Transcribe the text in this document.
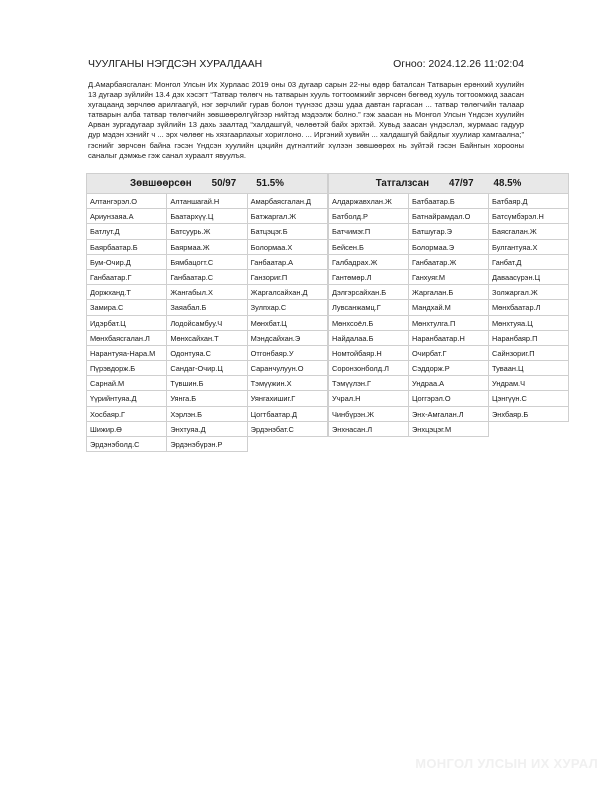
ЧУУЛГАНЫ НЭГДСЭН ХУРАЛДААН	Огноо: 2024.12.26 11:02:04
Д.Амарбаясгалан: Монгол Улсын Их Хурлаас 2019 оны 03 дугаар сарын 22-ны өдөр баталсан Татварын ерөнхий хуулийн 13 дугаар зүйлийн 13.4 дэх хэсэгт “Татвар төлөгч нь татварын хууль тогтоомжийг зөрчсөн бөгөөд хууль тогтоомжид заасан хугацаанд зөрчлөө арилгаагүй, нэг зөрчлийг гурав болон түүнээс дээш удаа давтан гаргасан ... татвар төлөгчийн талаар татварын алба татвар төлөгчийн зөвшөөрөлгүйгээр нийтэд мэдээлж болно.” гэж заасан нь Монгол Улсын Үндсэн хуулийн Арван зургадугаар зүйлийн 13 дахь заалтад “халдашгүй, чөлөөтэй байх эрхтэй. Хувьд заасан үндэслэл, журмаас гадуур дур мэдэн хэнийг ч ... эрх чөлөөг нь хязгаарлахыг хориглоно. ... Иргэний хувийн ... халдашгүй байдлыг хуулиар хамгаална;” гэснийг зөрчсөн байна гэсэн Үндсэн хуулийн цэцийн дүгнэлтийг хүлээн зөвшөөрөх нь зүйтэй гэсэн Байнгын хорооны саналыг дэмжье гэж санал хураалт явуулъя.
Зөвшөөрсөн 50/97 51.5%
Алтангэрэл.О	Алтаншагай.Н	Амарбаясгалан.Д
Ариунзаяа.А	Баатархүү.Ц	Батжаргал.Ж
Батлут.Д	Батсуурь.Ж	Батцэцэг.Б
Баярбаатар.Б	Баярмаа.Ж	Болормаа.Х
Бум-Очир.Д	Бямбацогт.С	Ганбаатар.А
Ганбаатар.Г	Ганбаатар.С	Ганзориг.П
Доржханд.Т	Жангабыл.Х	Жаргалсайхан.Д
Замира.С	Заяабал.Б	Зулпхар.С
Идэрбат.Ц	Лодойсамбуу.Ч	Мөнхбат.Ц
Мөнхбаясгалан.Л	Мөнхсайхан.Т	Мэндсайхан.Э
Нарантуяа-Нара.М	Одонтуяа.С	Отгонбаяр.У
Пүрэвдорж.Б	Сандаг-Очир.Ц	Саранчулуун.О
Сарнай.М	Түвшин.Б	Тэмүүжин.Х
Үүрийнтуяа.Д	Уянга.Б	Уянгахишиг.Г
Хосбаяр.Г	Хэрлэн.Б	Цогтбаатар.Д
Шижир.Ө	Энхтуяа.Д	Эрдэнэбат.С
Эрдэнэболд.С	Эрдэнэбүрэн.Р
Татгалзсан 47/97 48.5%
Алдаржавхлан.Ж	Батбаатар.Б	Батбаяр.Д
Батболд.Р	Батнайрамдал.О	Батсүмбэрэл.Н
Батчимэг.П	Батшугар.Э	Баясгалан.Ж
Бейсен.Б	Болормаа.Э	Булгантуяа.Х
Галбадрах.Ж	Ганбаатар.Ж	Ганбат.Д
Гантөмөр.Л	Ганхуяг.М	Даваасүрэн.Ц
Дэлгэрсайхан.Б	Жаргалан.Б	Золжаргал.Ж
Лувсанжамц.Г	Мандхай.М	Мөнхбаатар.Л
Мөнхсоёл.Б	Мөнхтулга.П	Мөнхтуяа.Ц
Найдалаа.Б	Наранбаатар.Н	Наранбаяр.П
Номтойбаяр.Н	Очирбат.Г	Сайнзориг.П
Соронзонболд.Л	Сэддорж.Р	Туваан.Ц
Тэмүүлэн.Г	Ундраа.А	Ундрам.Ч
Учрал.Н	Цоггэрэл.О	Цэнгүүн.С
Чинбүрэн.Ж	Энх-Амгалан.Л	Энхбаяр.Б
Энхнасан.Л	Энхцэцэг.М
МОНГОЛ УЛСЫН ИХ ХУРАЛ
